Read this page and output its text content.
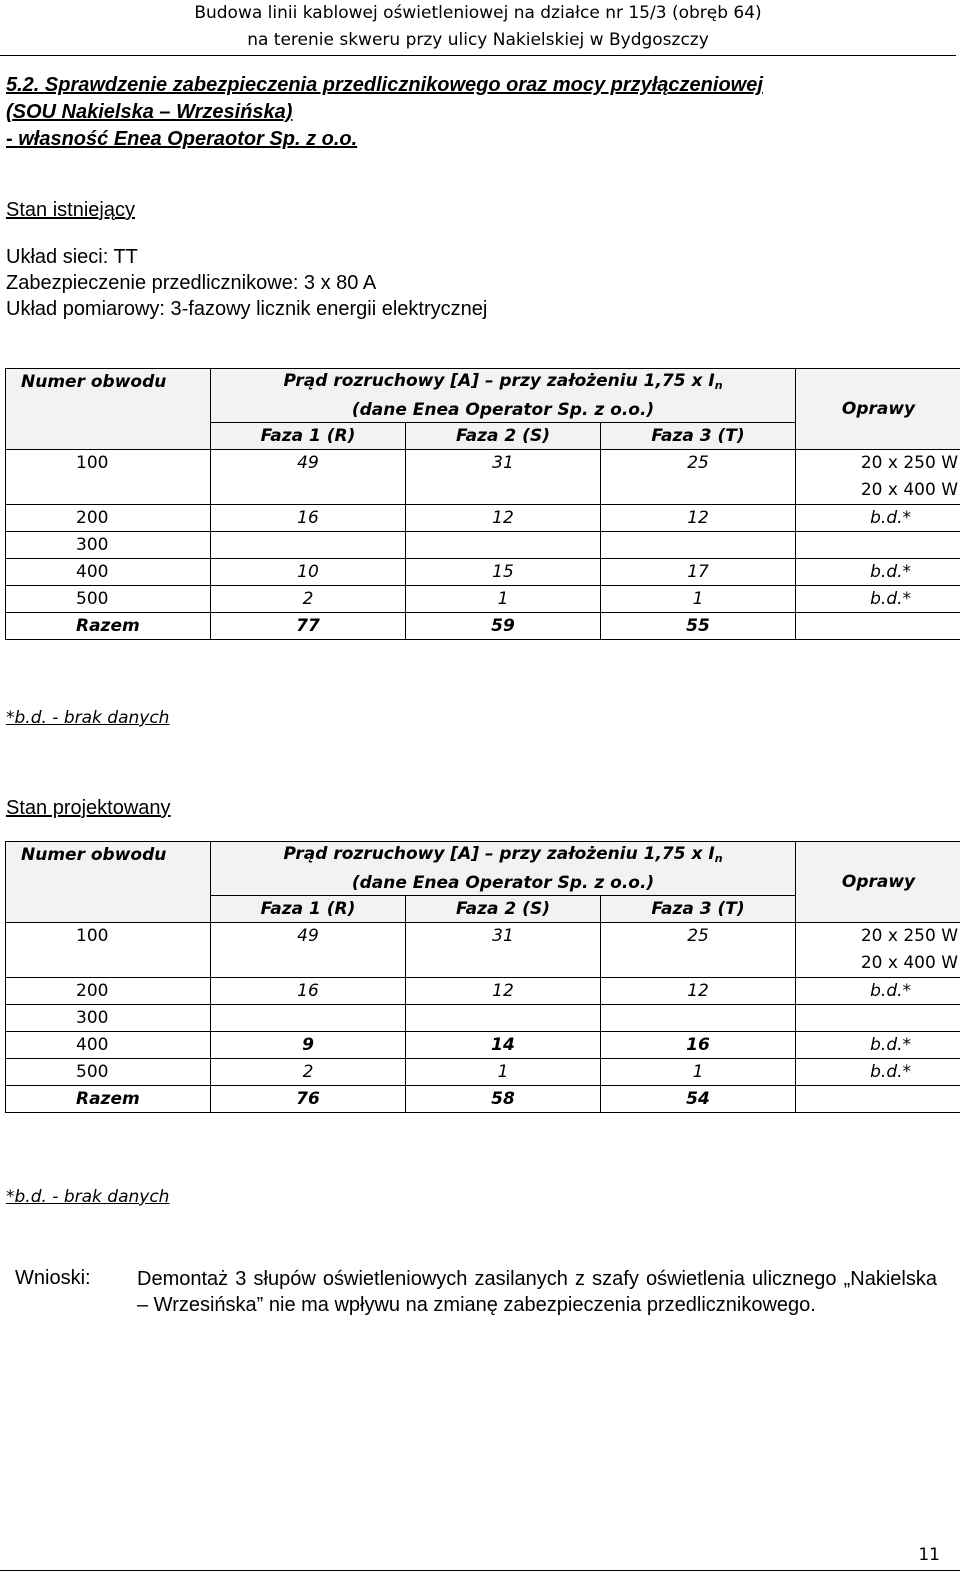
Budowa linii kablowej oświetleniowej na działce nr 15/3 (obręb 64)
na terenie skweru przy ulicy Nakielskiej w Bydgoszczy
5.2. Sprawdzenie zabezpieczenia przedlicznikowego oraz mocy przyłączeniowej
(SOU Nakielska – Wrzesińska)
- własność Enea Operaotor Sp. z o.o.
Stan istniejący
Układ sieci: TT
Zabezpieczenie przedlicznikowe: 3 x 80 A
Układ pomiarowy: 3-fazowy licznik energii elektrycznej
Numer obwodu	Prąd rozruchowy [A] – przy założeniu 1,75 x In
(dane Enea Operator Sp. z o.o.)			Oprawy

	Faza 1 (R)	Faza 2 (S)	Faza 3 (T)	
100	49	31	25	20 x 250 W
20 x 400 W

200	16	12	12	b.d.*
300				
400	10	15	17	b.d.*
500	2	1	1	b.d.*
Razem	77	59	55	
*b.d. - brak danych
Stan projektowany
Numer obwodu	Prąd rozruchowy [A] – przy założeniu 1,75 x In
(dane Enea Operator Sp. z o.o.)			Oprawy

	Faza 1 (R)	Faza 2 (S)	Faza 3 (T)	
100	49	31	25	20 x 250 W
20 x 400 W

200	16	12	12	b.d.*
300				
400	9	14	16	b.d.*
500	2	1	1	b.d.*
Razem	76	58	54	
*b.d. - brak danych
Wnioski: Demontaż 3 słupów oświetleniowych zasilanych z szafy oświetlenia ulicznego „Nakielska – Wrzesińska” nie ma wpływu na zmianę zabezpieczenia przedlicznikowego.
11
